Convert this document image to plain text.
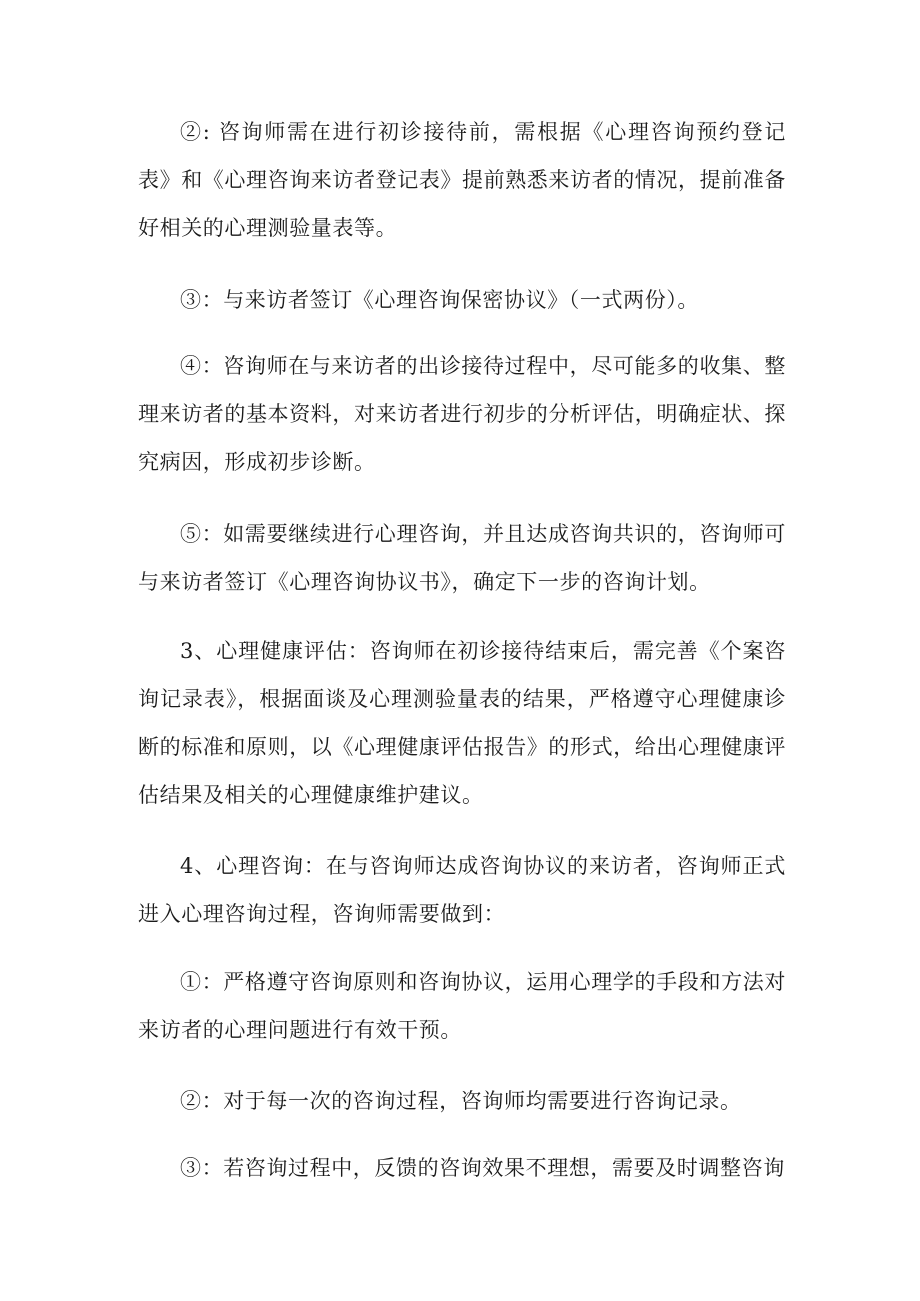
②: 咨询师需在进行初诊接待前，需根据《心理咨询预约登记表》和《心理咨询来访者登记表》提前熟悉来访者的情况，提前准备好相关的心理测验量表等。

③：与来访者签订《心理咨询保密协议》（一式两份）。

④：咨询师在与来访者的出诊接待过程中，尽可能多的收集、整理来访者的基本资料，对来访者进行初步的分析评估，明确症状、探究病因，形成初步诊断。

⑤：如需要继续进行心理咨询，并且达成咨询共识的，咨询师可与来访者签订《心理咨询协议书》，确定下一步的咨询计划。

3、心理健康评估：咨询师在初诊接待结束后，需完善《个案咨询记录表》，根据面谈及心理测验量表的结果，严格遵守心理健康诊断的标准和原则，以《心理健康评估报告》的形式，给出心理健康评估结果及相关的心理健康维护建议。

4、心理咨询：在与咨询师达成咨询协议的来访者，咨询师正式进入心理咨询过程，咨询师需要做到：

①：严格遵守咨询原则和咨询协议，运用心理学的手段和方法对来访者的心理问题进行有效干预。

②：对于每一次的咨询过程，咨询师均需要进行咨询记录。

③：若咨询过程中，反馈的咨询效果不理想，需要及时调整咨询
